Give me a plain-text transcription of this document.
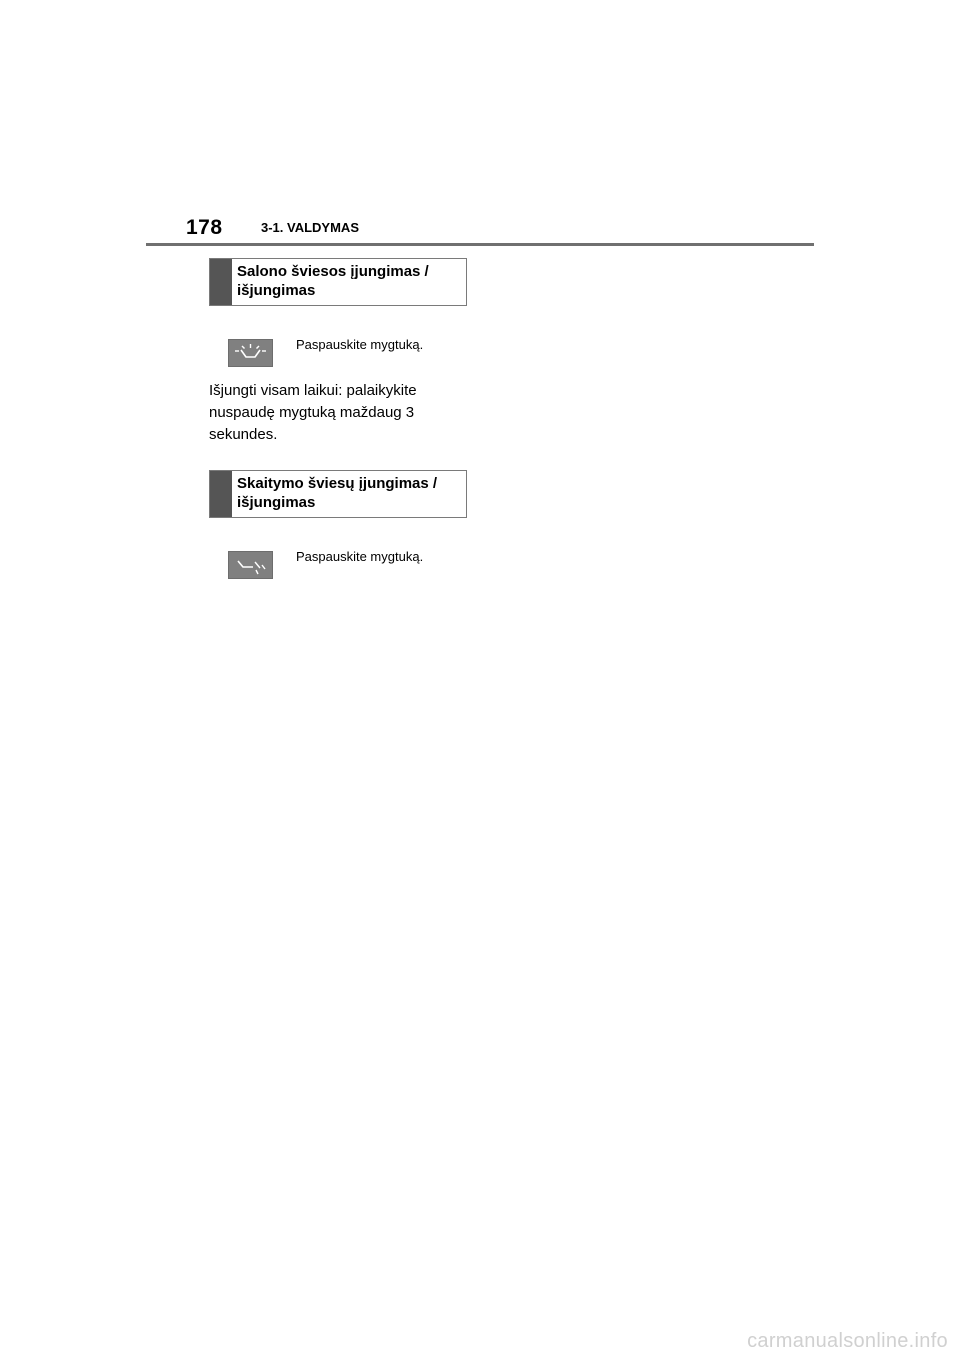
178	3-1. VALDYMAS
Salono šviesos įjungimas /
išjungimas
Paspauskite mygtuką.
Išjungti visam laikui: palaikykite
nuspaudę mygtuką maždaug 3
sekundes.
Skaitymo šviesų įjungimas /
išjungimas
Paspauskite mygtuką.
carmanualsonline.info
